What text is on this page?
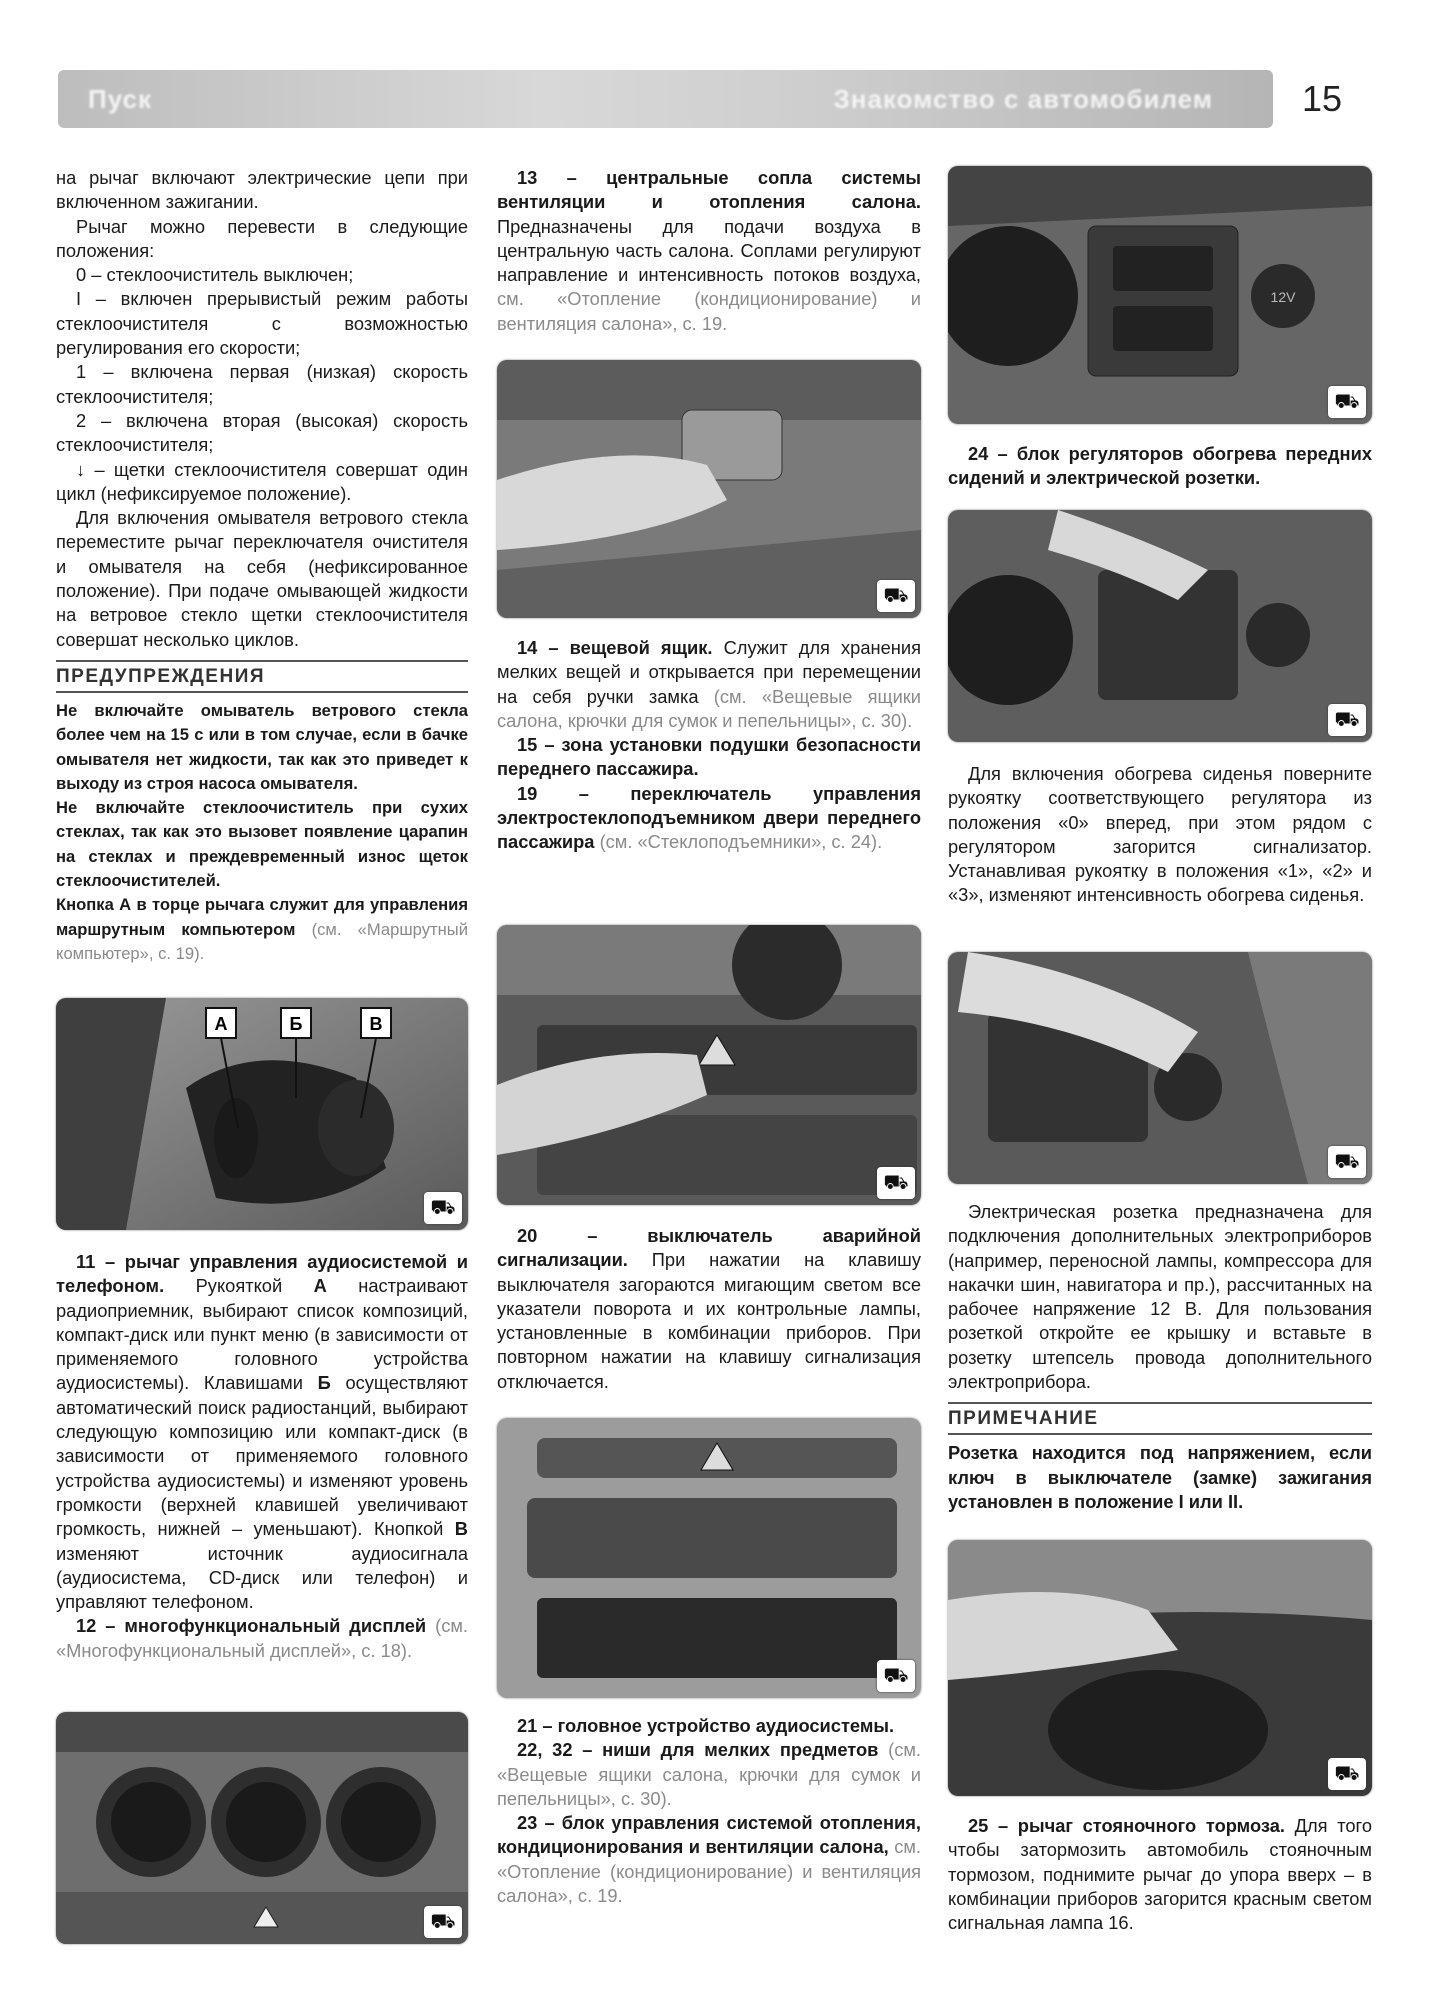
Пуск	Знакомство с автомобилем 15

на рычаг включают электрические цепи при включенном зажигании.

Рычаг можно перевести в следующие положения:

0 – стеклоочиститель выключен;

I – включен прерывистый режим работы стеклоочистителя с возможностью регулирования его скорости;

1 – включена первая (низкая) скорость стеклоочистителя;

2 – включена вторая (высокая) скорость стеклоочистителя;

↓ – щетки стеклоочистителя совершат один цикл (нефиксируемое положение).

Для включения омывателя ветрового стекла переместите рычаг переключателя очистителя и омывателя на себя (нефиксированное положение). При подаче омывающей жидкости на ветровое стекло щетки стеклоочистителя совершат несколько циклов.

ПРЕДУПРЕЖДЕНИЯ

Не включайте омыватель ветрового стекла более чем на 15 с или в том случае, если в бачке омывателя нет жидкости, так как это приведет к выходу из строя насоса омывателя.

Не включайте стеклоочиститель при сухих стеклах, так как это вызовет появление царапин на стеклах и преждевременный износ щеток стеклоочистителей.

Кнопка А в торце рычага служит для управления маршрутным компьютером (см. «Маршрутный компьютер», с. 19).

А	Б	В
⛟

11 – рычаг управления аудиосистемой и телефоном. Рукояткой А настраивают радиоприемник, выбирают список композиций, компакт-диск или пункт меню (в зависимости от применяемого головного устройства аудиосистемы). Клавишами Б осуществляют автоматический поиск радиостанций, выбирают следующую композицию или компакт-диск (в зависимости от применяемого головного устройства аудиосистемы) и изменяют уровень громкости (верхней клавишей увеличивают громкость, нижней – уменьшают). Кнопкой В изменяют источник аудиосигнала (аудиосистема, CD-диск или телефон) и управляют телефоном.

12 – многофункциональный дисплей (см. «Многофункциональный дисплей», с. 18).

⛟

13 – центральные сопла системы вентиляции и отопления салона. Предназначены для подачи воздуха в центральную часть салона. Соплами регулируют направление и интенсивность потоков воздуха, см. «Отопление (кондиционирование) и вентиляция салона», с. 19.

⛟

14 – вещевой ящик. Служит для хранения мелких вещей и открывается при перемещении на себя ручки замка (см. «Вещевые ящики салона, крючки для сумок и пепельницы», с. 30).

15 – зона установки подушки безопасности переднего пассажира.

19 – переключатель управления электростеклоподъемником двери переднего пассажира (см. «Стеклоподъемники», с. 24).

⛟

20 – выключатель аварийной сигнализации. При нажатии на клавишу выключателя загораются мигающим светом все указатели поворота и их контрольные лампы, установленные в комбинации приборов. При повторном нажатии на клавишу сигнализация отключается.

⛟

21 – головное устройство аудиосистемы.

22, 32 – ниши для мелких предметов (см. «Вещевые ящики салона, крючки для сумок и пепельницы», с. 30).

23 – блок управления системой отопления, кондиционирования и вентиляции салона, см. «Отопление (кондиционирование) и вентиляция салона», с. 19.

12V
⛟

24 – блок регуляторов обогрева передних сидений и электрической розетки.

⛟

Для включения обогрева сиденья поверните рукоятку соответствующего регулятора из положения «0» вперед, при этом рядом с регулятором загорится сигнализатор. Устанавливая рукоятку в положения «1», «2» и «3», изменяют интенсивность обогрева сиденья.

⛟

Электрическая розетка предназначена для подключения дополнительных электроприборов (например, переносной лампы, компрессора для накачки шин, навигатора и пр.), рассчитанных на рабочее напряжение 12 В. Для пользования розеткой откройте ее крышку и вставьте в розетку штепсель провода дополнительного электроприбора.

ПРИМЕЧАНИЕ

Розетка находится под напряжением, если ключ в выключателе (замке) зажигания установлен в положение I или II.

⛟

25 – рычаг стояночного тормоза. Для того чтобы затормозить автомобиль стояночным тормозом, поднимите рычаг до упора вверх – в комбинации приборов загорится красным светом сигнальная лампа 16.
